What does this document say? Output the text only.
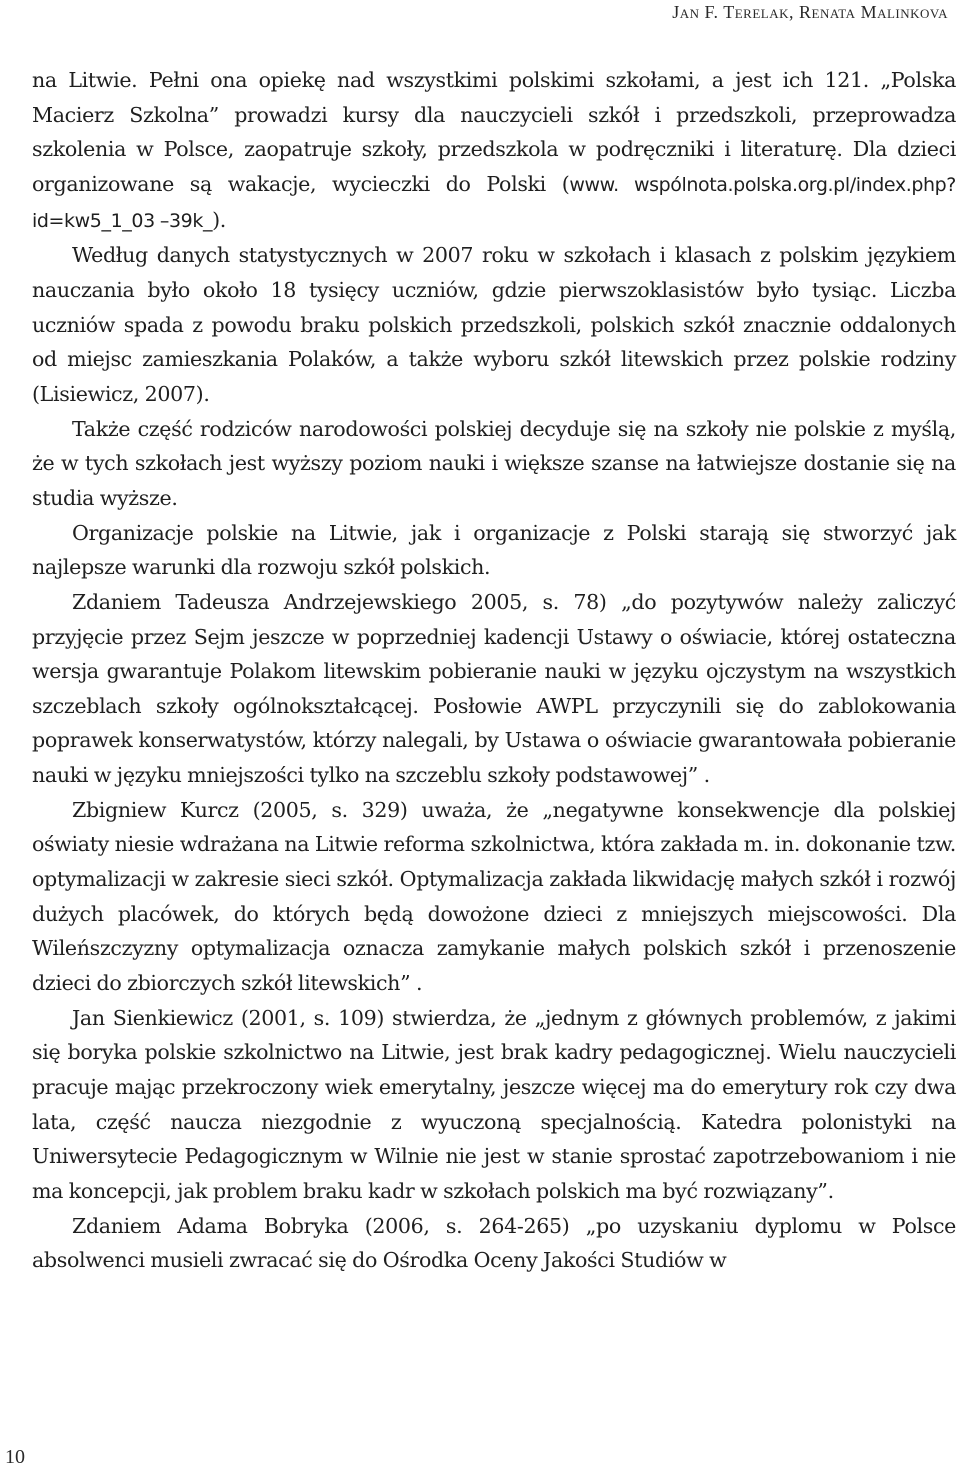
Jan F. Terelak, Renata Malinkova

na Litwie. Pełni ona opiekę nad wszystkimi polskimi szkołami, a jest ich 121. „Polska Macierz Szkolna” prowadzi kursy dla nauczycieli szkół i przedszkoli, przeprowadza szkolenia w Polsce, zaopatruje szkoły, przedszkola w podręczniki i literaturę. Dla dzieci organizowane są wakacje, wycieczki do Polski (www. wspólnota.polska.org.pl/index.php?id=kw5_1_03 –39k_).

Według danych statystycznych w 2007 roku w szkołach i klasach z polskim językiem nauczania było około 18 tysięcy uczniów, gdzie pierwszoklasistów było tysiąc. Liczba uczniów spada z powodu braku polskich przedszkoli, polskich szkół znacznie oddalonych od miejsc zamieszkania Polaków, a także wyboru szkół litewskich przez polskie rodziny (Lisiewicz, 2007).

Także część rodziców narodowości polskiej decyduje się na szkoły nie polskie z myślą, że w tych szkołach jest wyższy poziom nauki i większe szanse na łatwiejsze dostanie się na studia wyższe.

Organizacje polskie na Litwie, jak i organizacje z Polski starają się stworzyć jak najlepsze warunki dla rozwoju szkół polskich.

Zdaniem Tadeusza Andrzejewskiego 2005, s. 78) „do pozytywów należy zaliczyć przyjęcie przez Sejm jeszcze w poprzedniej kadencji Ustawy o oświacie, której ostateczna wersja gwarantuje Polakom litewskim pobieranie nauki w języku ojczystym na wszystkich szczeblach szkoły ogólnokształcącej. Posłowie AWPL przyczynili się do zablokowania poprawek konserwatystów, którzy nalegali, by Ustawa o oświacie gwarantowała pobieranie nauki w języku mniejszości tylko na szczeblu szkoły podstawowej” .

Zbigniew Kurcz (2005, s. 329) uważa, że „negatywne konsekwencje dla polskiej oświaty niesie wdrażana na Litwie reforma szkolnictwa, która zakłada m. in. dokonanie tzw. optymalizacji w zakresie sieci szkół. Optymalizacja zakłada likwidację małych szkół i rozwój dużych placówek, do których będą dowożone dzieci z mniejszych miejscowości. Dla Wileńszczyzny optymalizacja oznacza zamykanie małych polskich szkół i przenoszenie dzieci do zbiorczych szkół litewskich” .

Jan Sienkiewicz (2001, s. 109) stwierdza, że „jednym z głównych problemów, z jakimi się boryka polskie szkolnictwo na Litwie, jest brak kadry pedagogicznej. Wielu nauczycieli pracuje mając przekroczony wiek emerytalny, jeszcze więcej ma do emerytury rok czy dwa lata, część naucza niezgodnie z wyuczoną specjalnością. Katedra polonistyki na Uniwersytecie Pedagogicznym w Wilnie nie jest w stanie sprostać zapotrzebowaniom i nie ma koncepcji, jak problem braku kadr w szkołach polskich ma być rozwiązany”.

Zdaniem Adama Bobryka (2006, s. 264-265) „po uzyskaniu dyplomu w Polsce absolwenci musieli zwracać się do Ośrodka Oceny Jakości Studiów w

10
